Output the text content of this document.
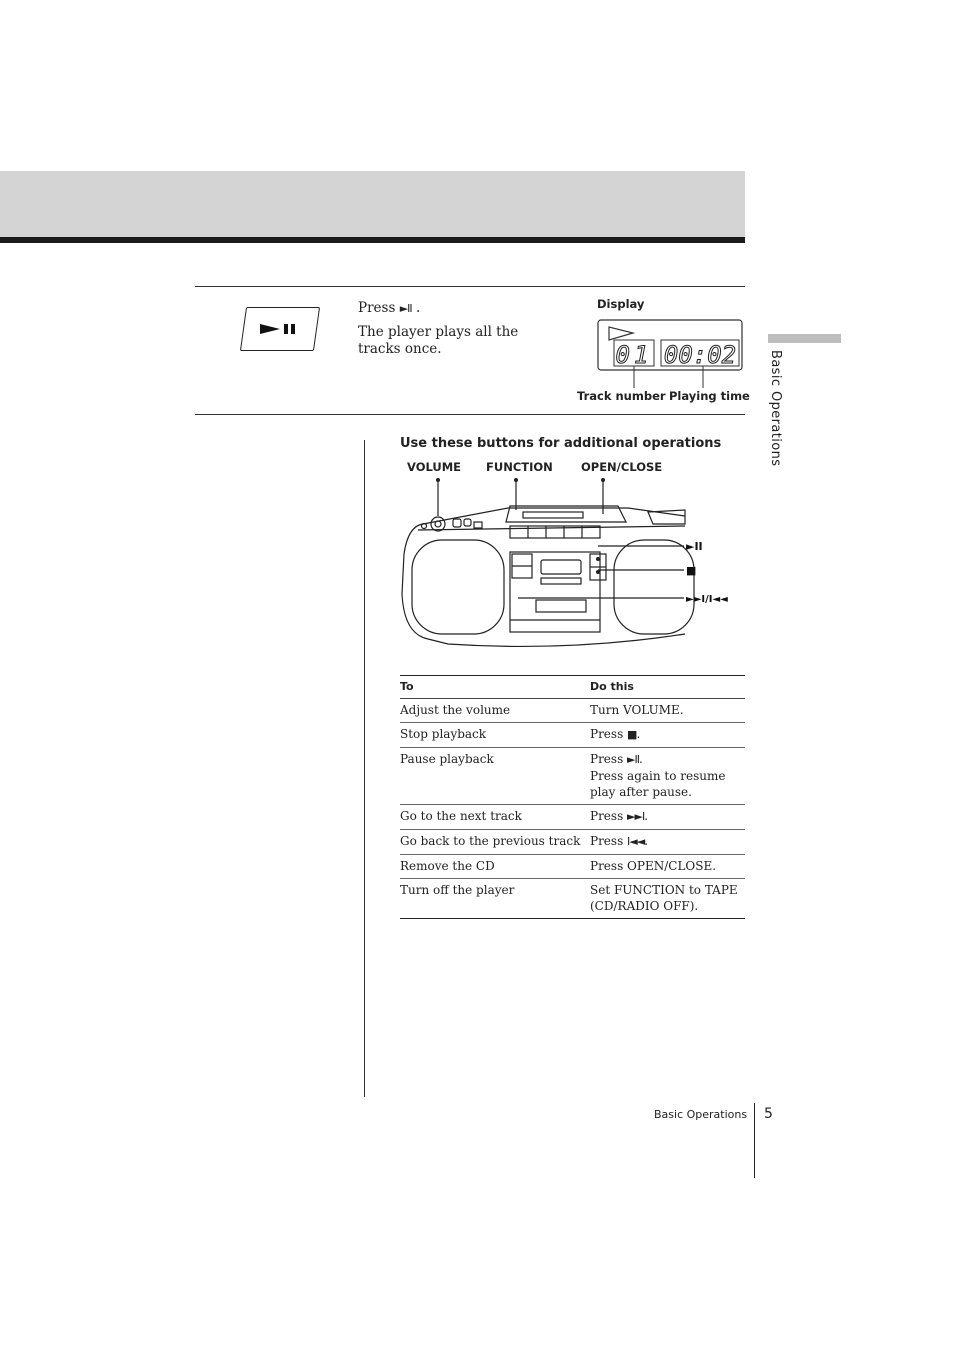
Press ►II .
The player plays all the tracks once.
Display
01 00:02
Track number Playing time Basic Operations
Use these buttons for additional operations
VOLUME FUNCTION OPEN/CLOSE
►II
■
►►I/I◄◄
To	Do this
Adjust the volume	Turn VOLUME.
Stop playback	Press ■.
Pause playback	Press ►II.
Press again to resume play after pause.
Go to the next track	Press ►►I.
Go back to the previous track	Press I◄◄.
Remove the CD	Press OPEN/CLOSE.
Turn off the player	Set FUNCTION to TAPE (CD/RADIO OFF).
Basic Operations 5
